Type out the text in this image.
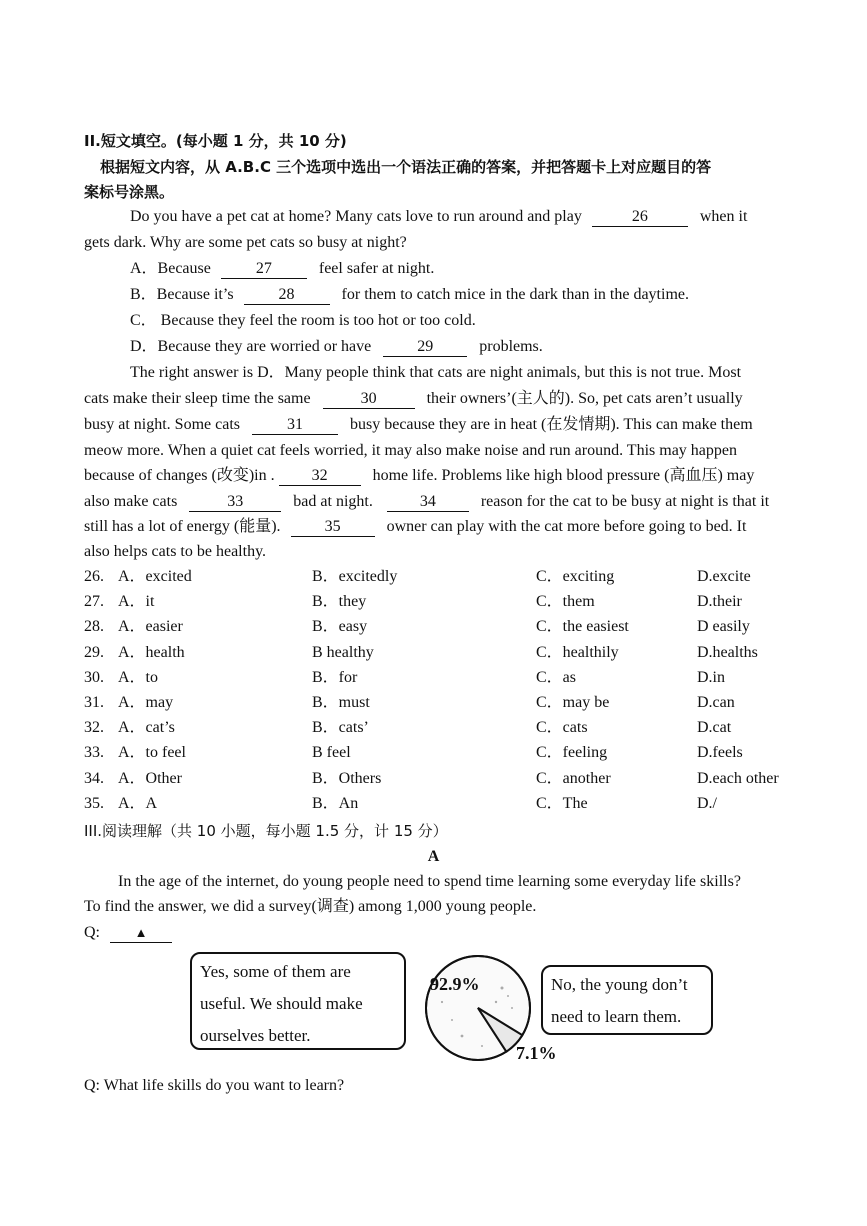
II.短文填空。(每小题 1 分，共 10 分)
根据短文内容，从 A.B.C 三个选项中选出一个语法正确的答案，并把答题卡上对应题目的答
案标号涂黑。
Do you have a pet cat at home? Many cats love to run around and play	26	when it
gets dark. Why are some pet cats so busy at night?
A．Because	27	feel safer at night.
B．Because it’s	28	for them to catch mice in the dark than in the daytime.
C． Because they feel the room is too hot or too cold.
D．Because they are worried or have	29	problems.
The right answer is D．Many people think that cats are night animals, but this is not true. Most
cats make their sleep time the same	30	their owners’(主人的). So, pet cats aren’t usually
busy at night. Some cats	31	busy because they are in heat (在发情期). This can make them
meow more. When a quiet cat feels worried, it may also make noise and run around. This may happen
because of changes (改变)in . 32	home life. Problems like high blood pressure (高血压) may
also make cats	33	bad at night.	34	reason for the cat to be busy at night is that it
still has a lot of energy (能量).	35	owner can play with the cat more before going to bed. It
also helps cats to be healthy.
26. A．excited	B．excitedly	C．exciting	D.excite
27. A．it	B．they	C．them	D.their
28. A．easier	B．easy	C．the easiest	D easily
29. A．health	B healthy	C．healthily	D.healths
30. A．to	B．for	C．as	D.in
31. A．may	B．must	C．may be	D.can
32. A．cat’s	B．cats’	C．cats	D.cat
33. A．to feel	B feel	C．feeling	D.feels
34. A．Other	B．Others	C．another	D.each other
35. A．A	B．An	C．The	D./
III.阅读理解（共 10 小题，每小题 1.5 分，计 15 分）
A
In the age of the internet, do young people need to spend time learning some everyday life skills?
To find the answer, we did a survey(调查) among 1,000 young people.
Q:	▲
Yes, some of them are
useful. We should make
ourselves better.
92.9%
7.1%
No, the young don’t
need to learn them.
Q: What life skills do you want to learn?
